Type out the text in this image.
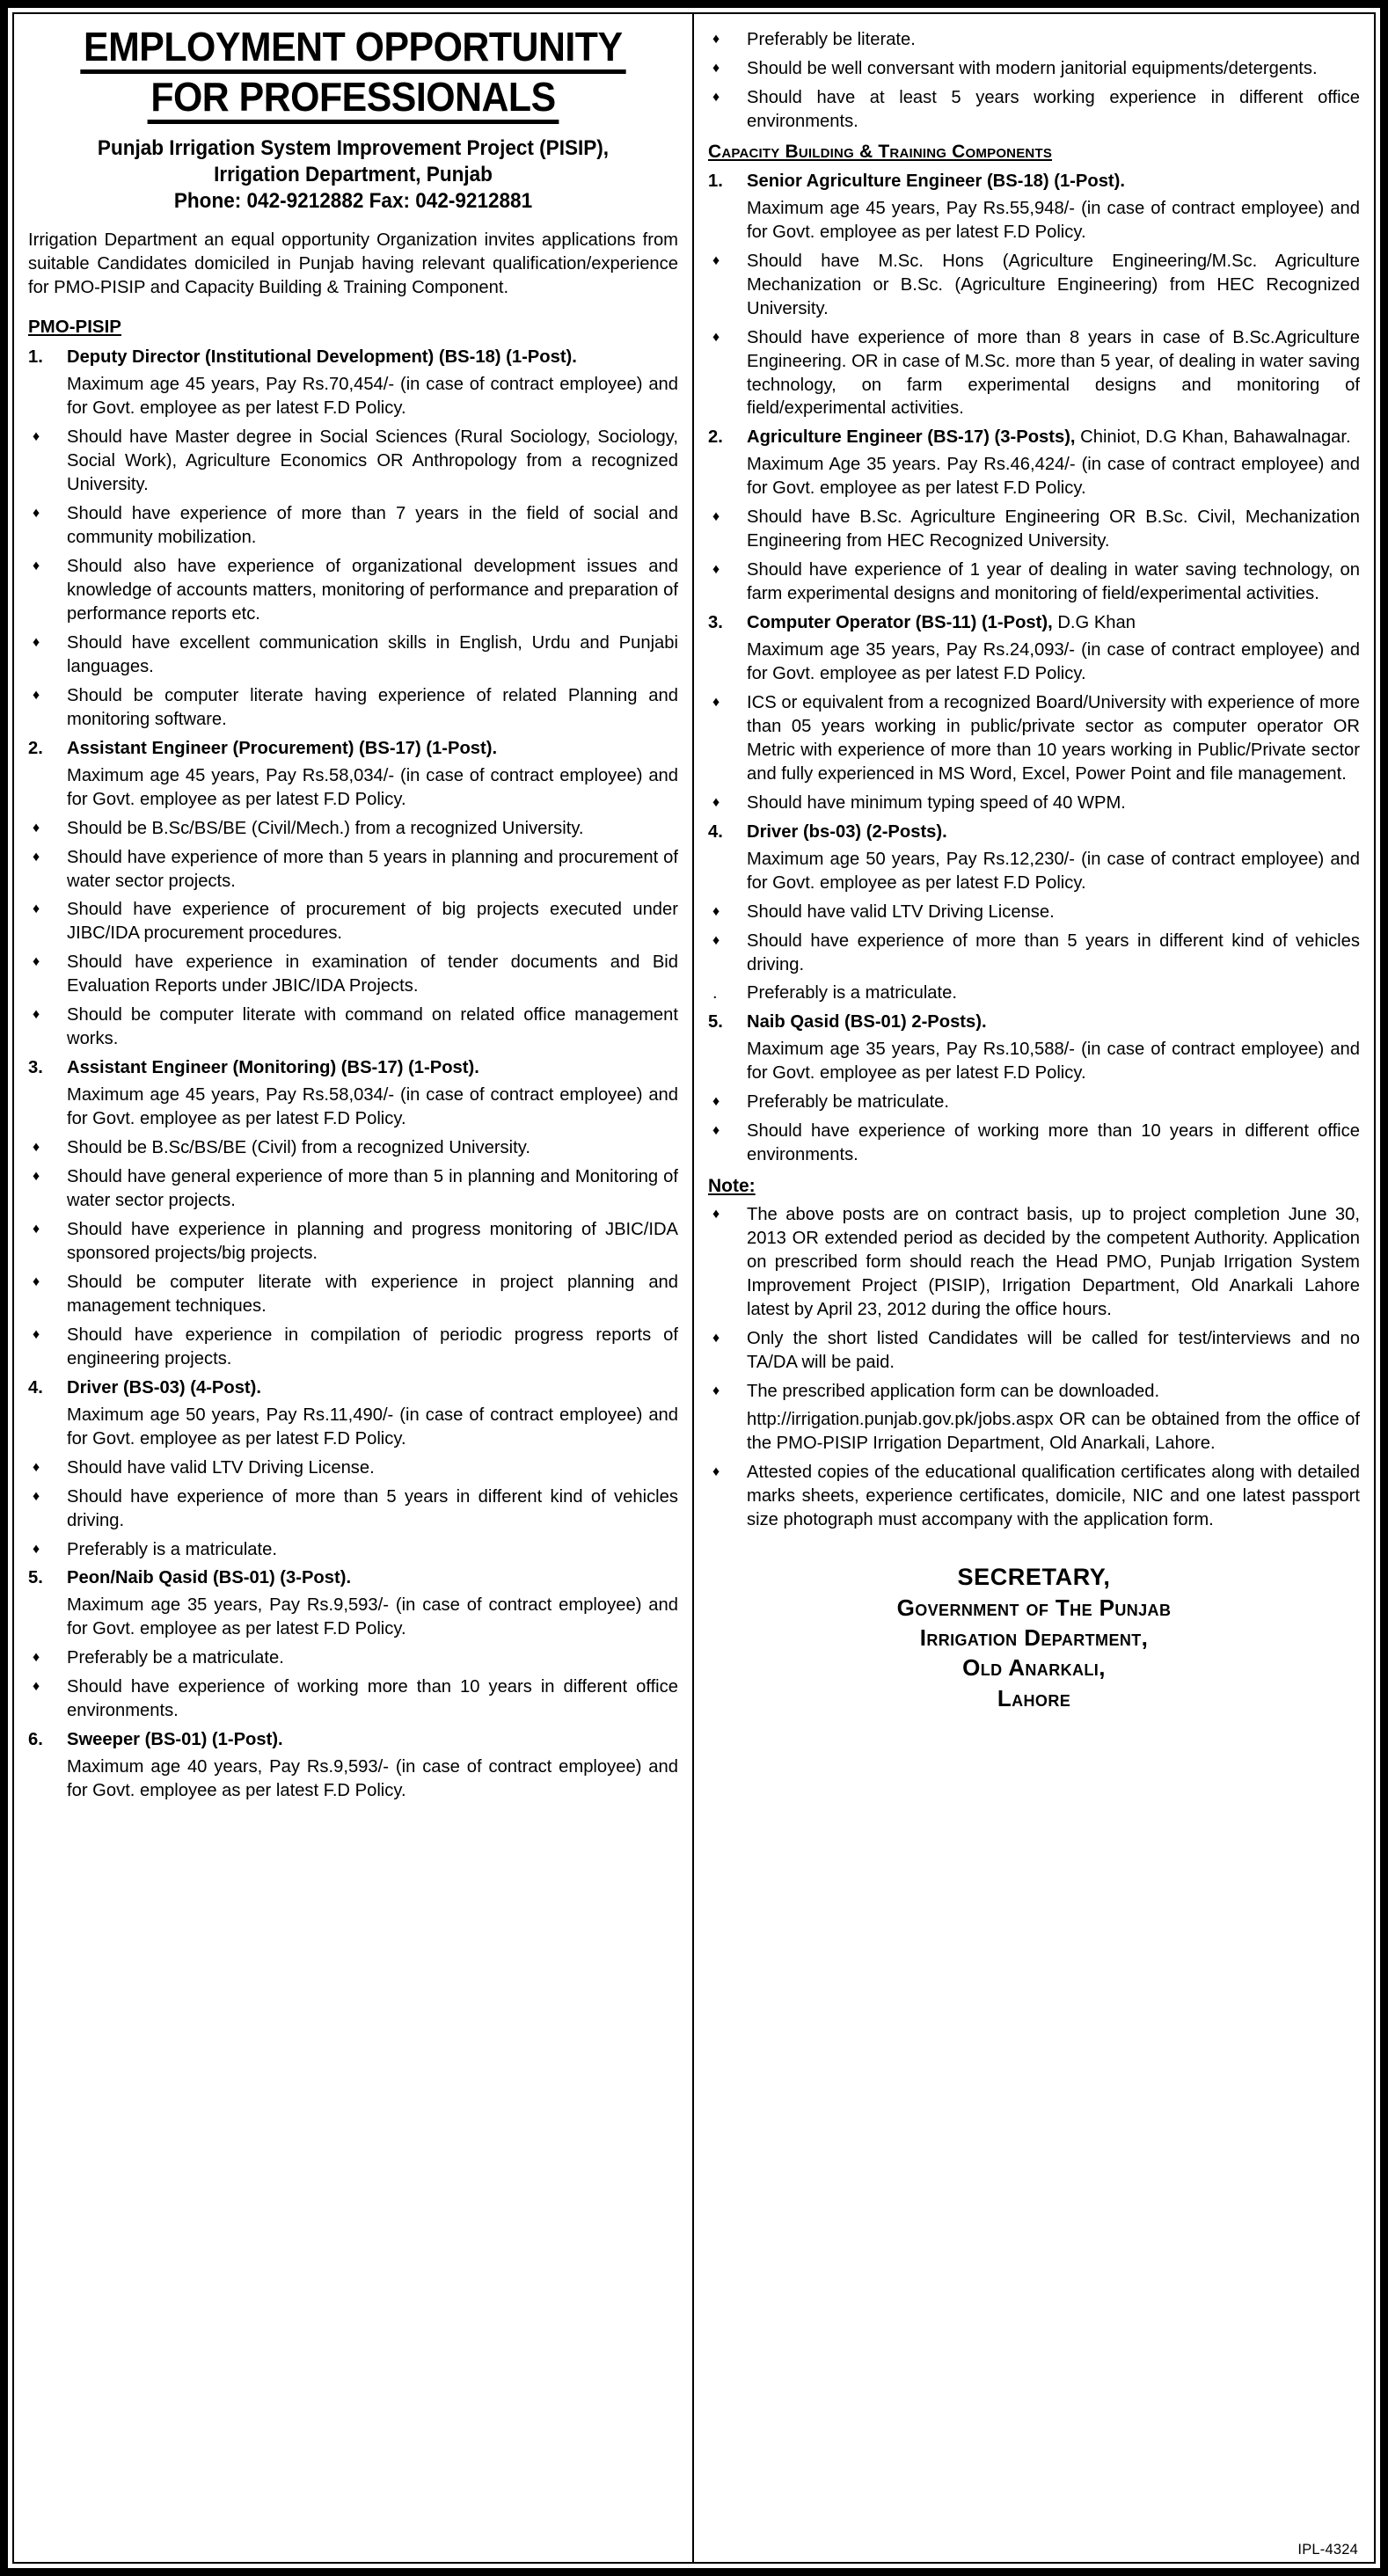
EMPLOYMENT OPPORTUNITY
FOR PROFESSIONALS
Punjab Irrigation System Improvement Project (PISIP),
Irrigation Department, Punjab
Phone: 042-9212882 Fax: 042-9212881
Irrigation Department an equal opportunity Organization invites applications from suitable Candidates domiciled in Punjab having relevant qualification/experience for PMO-PISIP and Capacity Building & Training Component.
PMO-PISIP
1.	Deputy Director (Institutional Development) (BS-18) (1-Post).
Maximum age 45 years, Pay Rs.70,454/- (in case of contract employee) and for Govt. employee as per latest F.D Policy.
♦	Should have Master degree in Social Sciences (Rural Sociology, Sociology, Social Work), Agriculture Economics OR Anthropology from a recognized University.
♦	Should have experience of more than 7 years in the field of social and community mobilization.
♦	Should also have experience of organizational development issues and knowledge of accounts matters, monitoring of performance and preparation of performance reports etc.
♦	Should have excellent communication skills in English, Urdu and Punjabi languages.
♦	Should be computer literate having experience of related Planning and monitoring software.
2.	Assistant Engineer (Procurement) (BS-17) (1-Post).
Maximum age 45 years, Pay Rs.58,034/- (in case of contract employee) and for Govt. employee as per latest F.D Policy.
♦	Should be B.Sc/BS/BE (Civil/Mech.) from a recognized University.
♦	Should have experience of more than 5 years in planning and procurement of water sector projects.
♦	Should have experience of procurement of big projects executed under JIBC/IDA procurement procedures.
♦	Should have experience in examination of tender documents and Bid Evaluation Reports under JBIC/IDA Projects.
♦	Should be computer literate with command on related office management works.
3.	Assistant Engineer (Monitoring) (BS-17) (1-Post).
Maximum age 45 years, Pay Rs.58,034/- (in case of contract employee) and for Govt. employee as per latest F.D Policy.
♦	Should be B.Sc/BS/BE (Civil) from a recognized University.
♦	Should have general experience of more than 5 in planning and Monitoring of water sector projects.
♦	Should have experience in planning and progress monitoring of JBIC/IDA sponsored projects/big projects.
♦	Should be computer literate with experience in project planning and management techniques.
♦	Should have experience in compilation of periodic progress reports of engineering projects.
4.	Driver (BS-03) (4-Post).
Maximum age 50 years, Pay Rs.11,490/- (in case of contract employee) and for Govt. employee as per latest F.D Policy.
♦	Should have valid LTV Driving License.
♦	Should have experience of more than 5 years in different kind of vehicles driving.
♦	Preferably is a matriculate.
5.	Peon/Naib Qasid (BS-01) (3-Post).
Maximum age 35 years, Pay Rs.9,593/- (in case of contract employee) and for Govt. employee as per latest F.D Policy.
♦	Preferably be a matriculate.
♦	Should have experience of working more than 10 years in different office environments.
6.	Sweeper (BS-01) (1-Post).
Maximum age 40 years, Pay Rs.9,593/- (in case of contract employee) and for Govt. employee as per latest F.D Policy.
♦	Preferably be literate.
♦	Should be well conversant with modern janitorial equipments/detergents.
♦	Should have at least 5 years working experience in different office environments.
Capacity Building & Training Components
1.	Senior Agriculture Engineer (BS-18) (1-Post).
Maximum age 45 years, Pay Rs.55,948/- (in case of contract employee) and for Govt. employee as per latest F.D Policy.
♦	Should have M.Sc. Hons (Agriculture Engineering/M.Sc. Agriculture Mechanization or B.Sc. (Agriculture Engineering) from HEC Recognized University.
♦	Should have experience of more than 8 years in case of B.Sc.Agriculture Engineering. OR in case of M.Sc. more than 5 year, of dealing in water saving technology, on farm experimental designs and monitoring of field/experimental activities.
2.	Agriculture Engineer (BS-17) (3-Posts), Chiniot, D.G Khan, Bahawalnagar.
Maximum Age 35 years. Pay Rs.46,424/- (in case of contract employee) and for Govt. employee as per latest F.D Policy.
♦	Should have B.Sc. Agriculture Engineering OR B.Sc. Civil, Mechanization Engineering from HEC Recognized University.
♦	Should have experience of 1 year of dealing in water saving technology, on farm experimental designs and monitoring of field/experimental activities.
3.	Computer Operator (BS-11) (1-Post), D.G Khan
Maximum age 35 years, Pay Rs.24,093/- (in case of contract employee) and for Govt. employee as per latest F.D Policy.
♦	ICS or equivalent from a recognized Board/University with experience of more than 05 years working in public/private sector as computer operator OR Metric with experience of more than 10 years working in Public/Private sector and fully experienced in MS Word, Excel, Power Point and file management.
♦	Should have minimum typing speed of 40 WPM.
4.	Driver (bs-03) (2-Posts).
Maximum age 50 years, Pay Rs.12,230/- (in case of contract employee) and for Govt. employee as per latest F.D Policy.
♦	Should have valid LTV Driving License.
♦	Should have experience of more than 5 years in different kind of vehicles driving.
.	Preferably is a matriculate.
5.	Naib Qasid (BS-01) 2-Posts).
Maximum age 35 years, Pay Rs.10,588/- (in case of contract employee) and for Govt. employee as per latest F.D Policy.
♦	Preferably be matriculate.
♦	Should have experience of working more than 10 years in different office environments.
Note:
♦	The above posts are on contract basis, up to project completion June 30, 2013 OR extended period as decided by the competent Authority. Application on prescribed form should reach the Head PMO, Punjab Irrigation System Improvement Project (PISIP), Irrigation Department, Old Anarkali Lahore latest by April 23, 2012 during the office hours.
♦	Only the short listed Candidates will be called for test/interviews and no TA/DA will be paid.
♦	The prescribed application form can be downloaded.
http://irrigation.punjab.gov.pk/jobs.aspx OR can be obtained from the office of the PMO-PISIP Irrigation Department, Old Anarkali, Lahore.
♦	Attested copies of the educational qualification certificates along with detailed marks sheets, experience certificates, domicile, NIC and one latest passport size photograph must accompany with the application form.
SECRETARY,
Government of The Punjab
Irrigation Department,
Old Anarkali,
Lahore
IPL-4324
